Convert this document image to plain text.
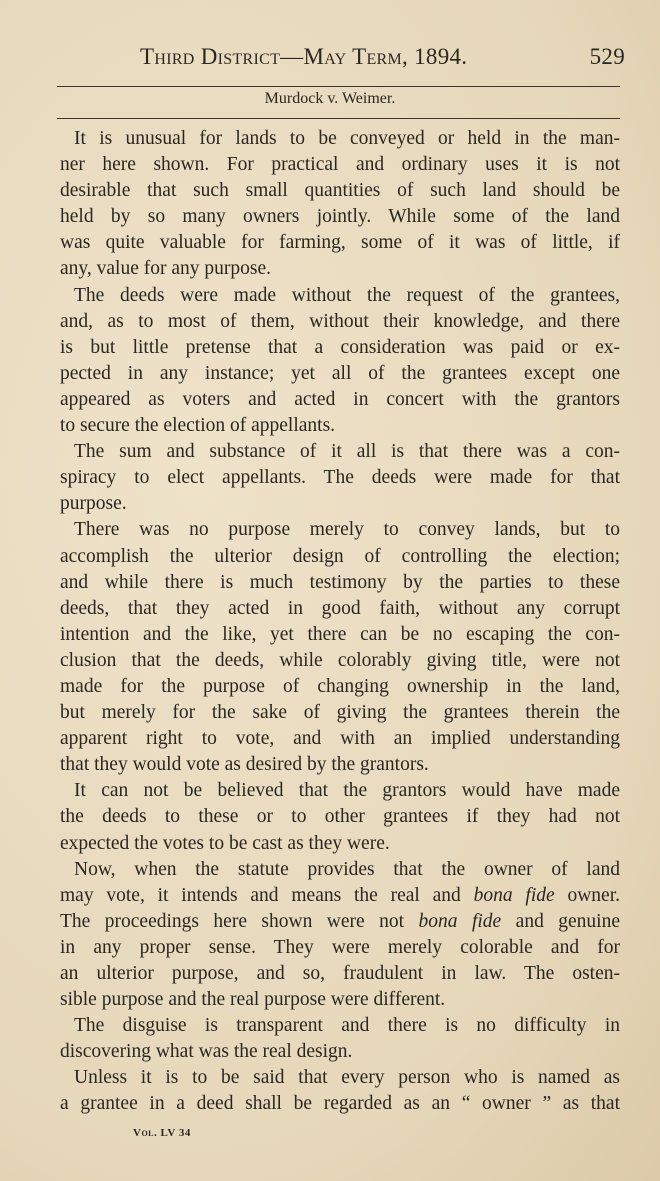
Third District—May Term, 1894.	529
Murdock v. Weimer.
It is unusual for lands to be conveyed or held in the man-
ner here shown. For practical and ordinary uses it is not
desirable that such small quantities of such land should be
held by so many owners jointly. While some of the land
was quite valuable for farming, some of it was of little, if
any, value for any purpose.
The deeds were made without the request of the grantees,
and, as to most of them, without their knowledge, and there
is but little pretense that a consideration was paid or ex-
pected in any instance; yet all of the grantees except one
appeared as voters and acted in concert with the grantors
to secure the election of appellants.
The sum and substance of it all is that there was a con-
spiracy to elect appellants. The deeds were made for that
purpose.
There was no purpose merely to convey lands, but to
accomplish the ulterior design of controlling the election;
and while there is much testimony by the parties to these
deeds, that they acted in good faith, without any corrupt
intention and the like, yet there can be no escaping the con-
clusion that the deeds, while colorably giving title, were not
made for the purpose of changing ownership in the land,
but merely for the sake of giving the grantees therein the
apparent right to vote, and with an implied understanding
that they would vote as desired by the grantors.
It can not be believed that the grantors would have made
the deeds to these or to other grantees if they had not
expected the votes to be cast as they were.
Now, when the statute provides that the owner of land
may vote, it intends and means the real and bona fide owner.
The proceedings here shown were not bona fide and genuine
in any proper sense. They were merely colorable and for
an ulterior purpose, and so, fraudulent in law. The osten-
sible purpose and the real purpose were different.
The disguise is transparent and there is no difficulty in
discovering what was the real design.
Unless it is to be said that every person who is named as
a grantee in a deed shall be regarded as an “ owner ” as that
Vol. LV 34
